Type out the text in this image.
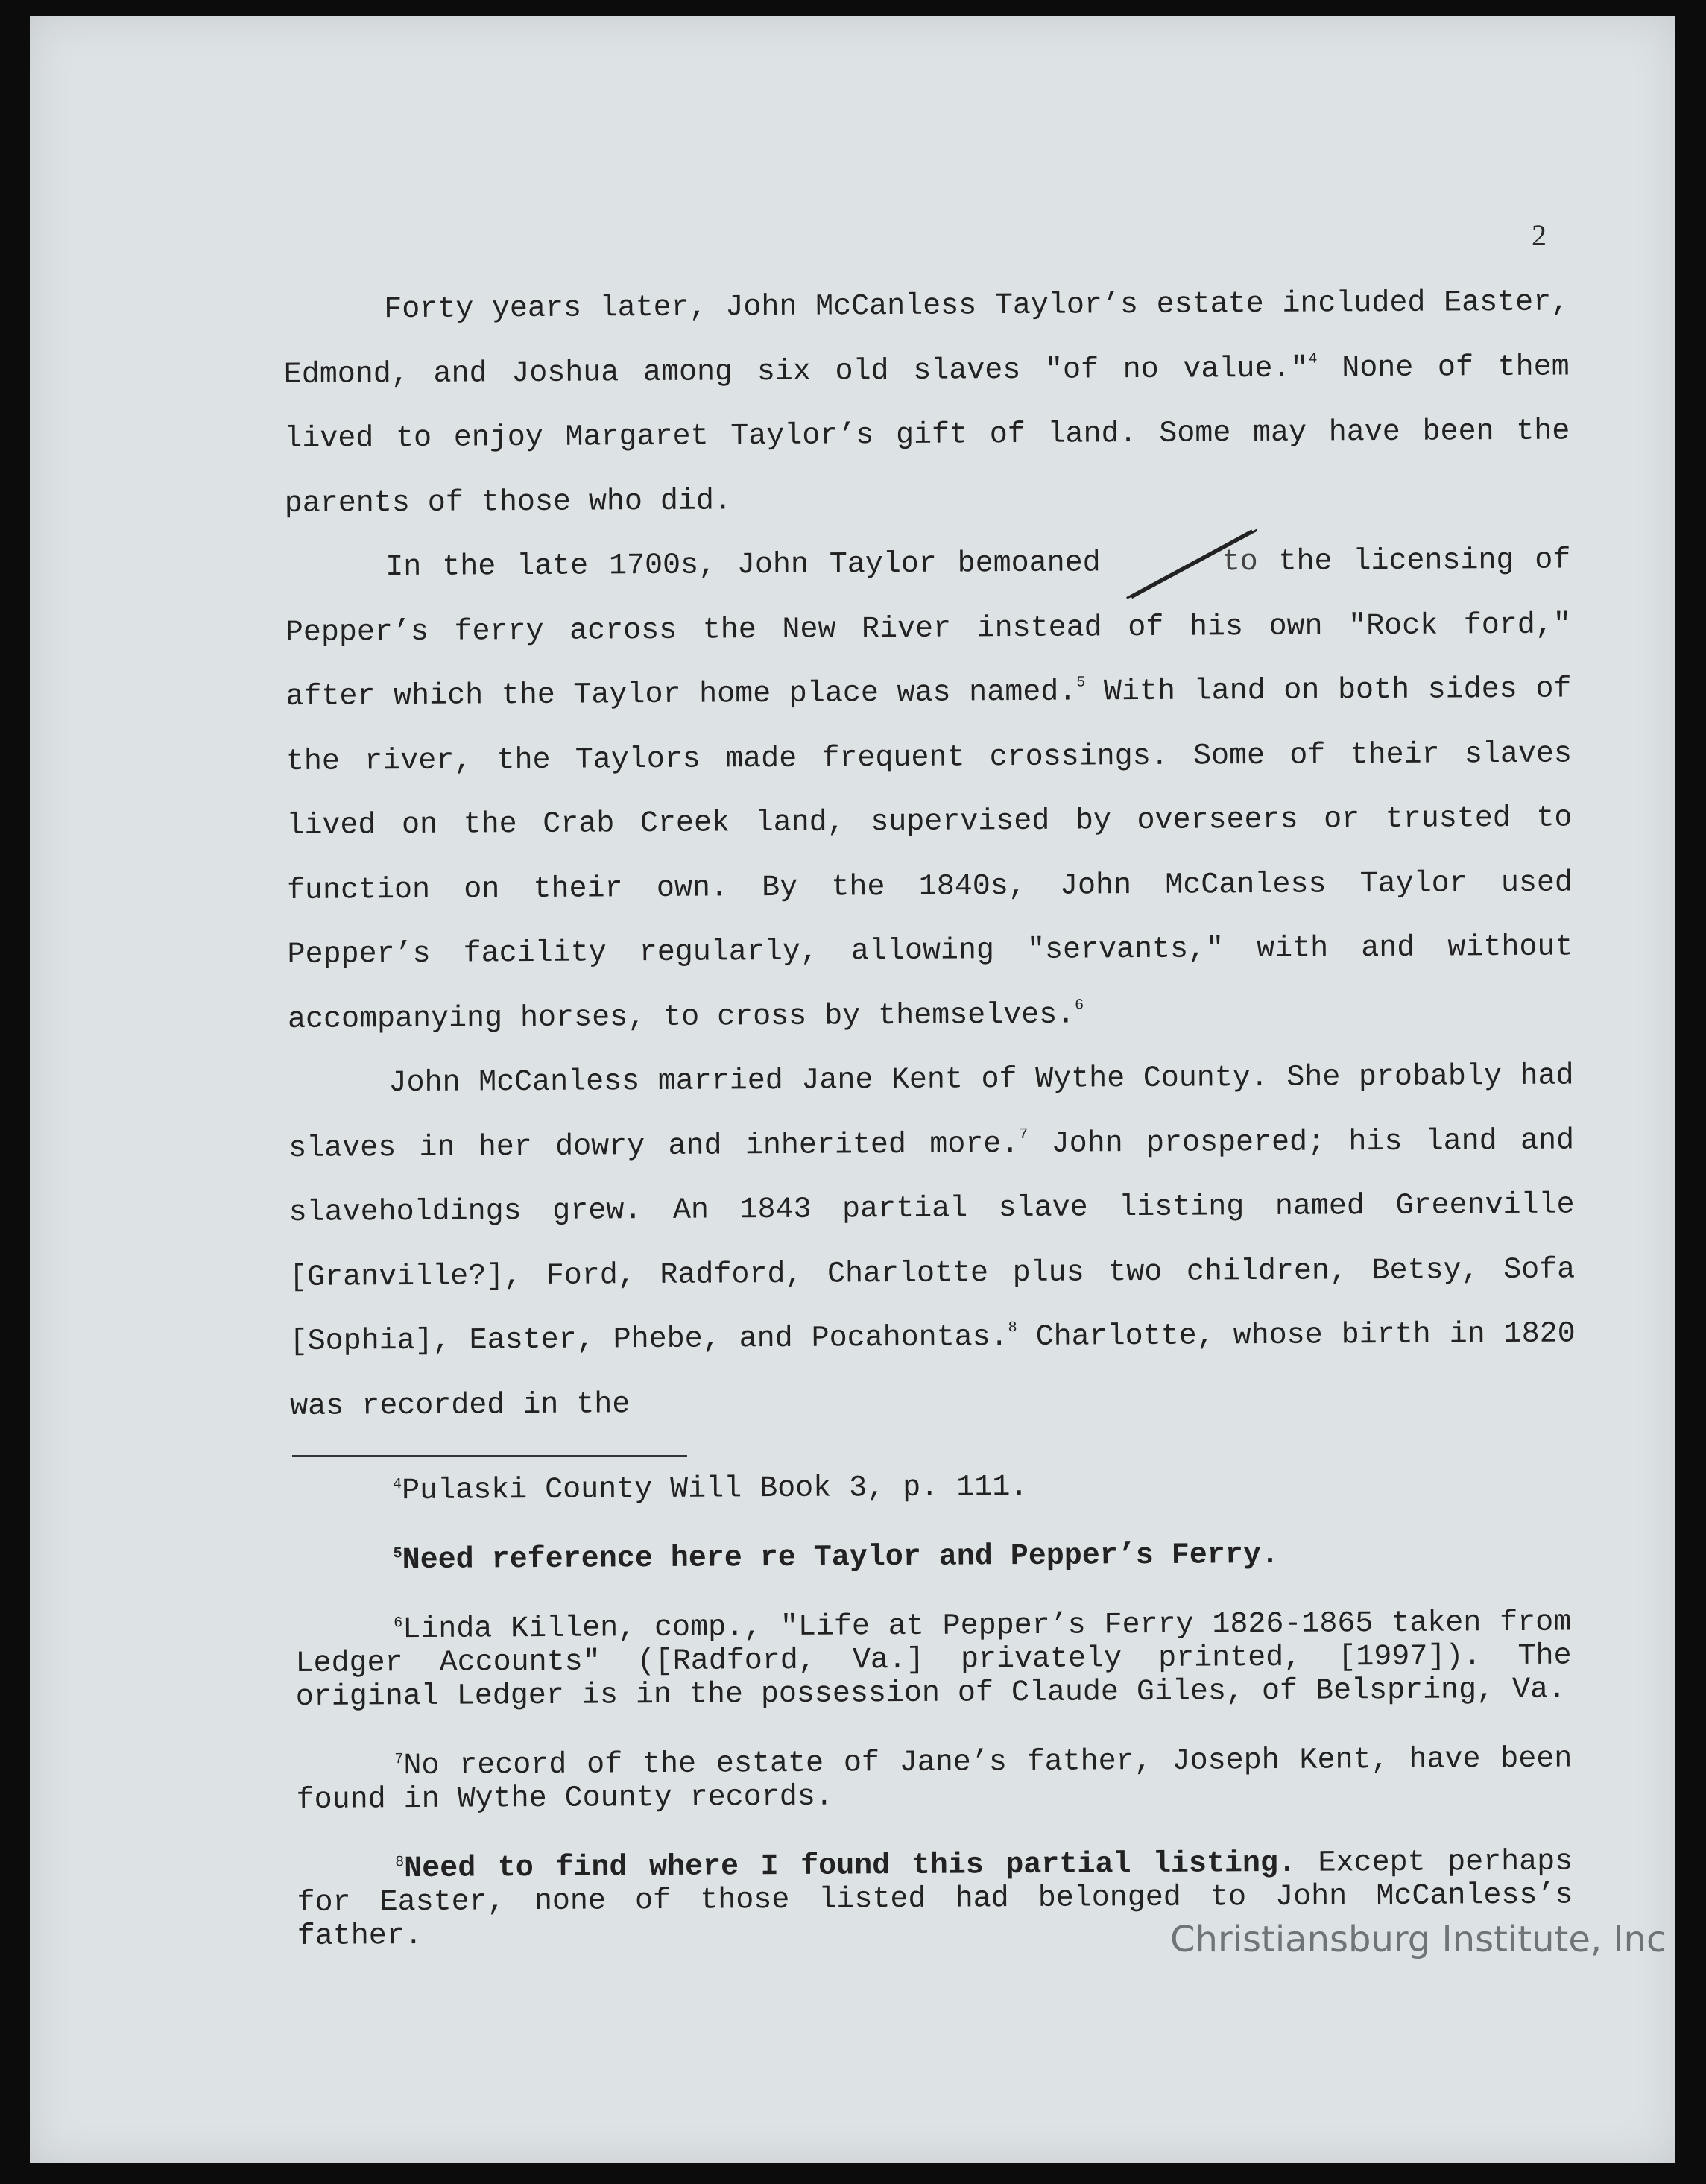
2

Forty years later, John McCanless Taylor’s estate included Easter, Edmond, and Joshua among six old slaves "of no value."$^4$ None of them lived to enjoy Margaret Taylor’s gift of land. Some may have been the parents of those who did.

In the late 1700s, John Taylor bemoaned	to the licensing of Pepper’s ferry across the New River instead of his own "Rock ford," after which the Taylor home place was named.$^5$ With land on both sides of the river, the Taylors made frequent crossings. Some of their slaves lived on the Crab Creek land, supervised by overseers or trusted to function on their own. By the 1840s, John McCanless Taylor used Pepper’s facility regularly, allowing "servants," with and without accompanying horses, to cross by themselves.$^6$

John McCanless married Jane Kent of Wythe County. She probably had slaves in her dowry and inherited more.$^7$ John prospered; his land and slaveholdings grew. An 1843 partial slave listing named Greenville [Granville?], Ford, Radford, Charlotte plus two children, Betsy, Sofa [Sophia], Easter, Phebe, and Pocahontas.$^8$ Charlotte, whose birth in 1820 was recorded in the

$^4$Pulaski County Will Book 3, p. 111.

$^5$Need reference here re Taylor and Pepper’s Ferry.

$^6$Linda Killen, comp., "Life at Pepper’s Ferry 1826-1865 taken from Ledger Accounts" ([Radford, Va.] privately printed, [1997]). The original Ledger is in the possession of Claude Giles, of Belspring, Va.

$^7$No record of the estate of Jane’s father, Joseph Kent, have been found in Wythe County records.

$^8$Need to find where I found this partial listing. Except perhaps for Easter, none of those listed had belonged to John McCanless’s father.	Christiansburg Institute, Inc
